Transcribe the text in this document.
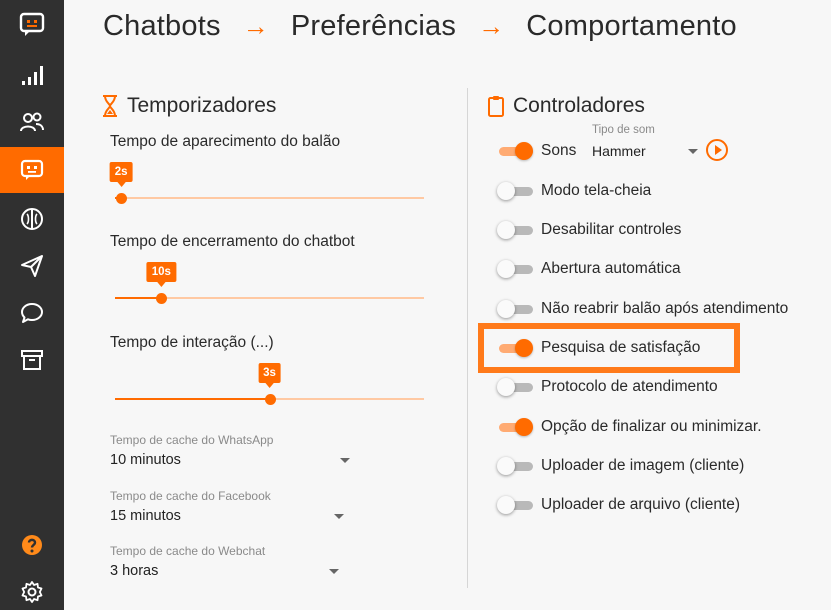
Chatbots → Preferências → Comportamento
Temporizadores
Tempo de aparecimento do balão
2s
Tempo de encerramento do chatbot
10s
Tempo de interação (...)
3s
Tempo de cache do WhatsApp
10 minutos
Tempo de cache do Facebook
15 minutos
Tempo de cache do Webchat
3 horas
Controladores
Sons
Tipo de som
Hammer
Modo tela-cheia
Desabilitar controles
Abertura automática
Não reabrir balão após atendimento
Pesquisa de satisfação
Protocolo de atendimento
Opção de finalizar ou minimizar.
Uploader de imagem (cliente)
Uploader de arquivo (cliente)
